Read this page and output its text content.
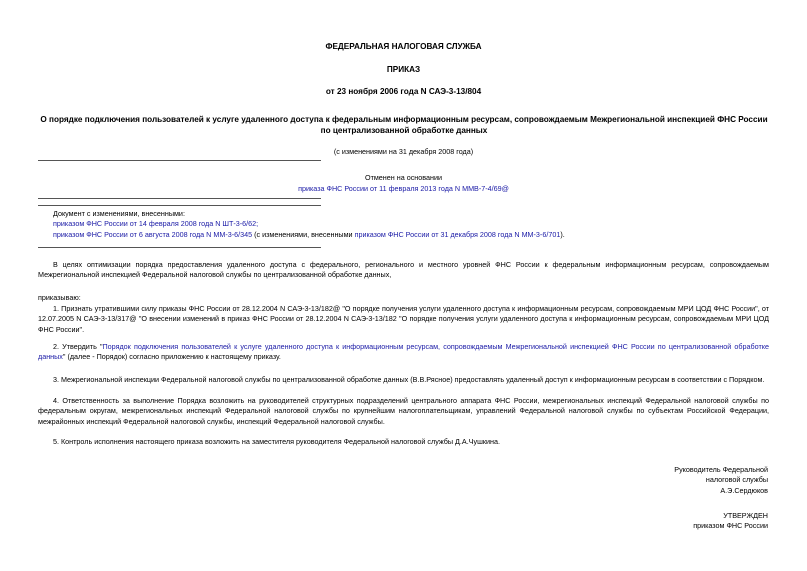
ФЕДЕРАЛЬНАЯ НАЛОГОВАЯ СЛУЖБА
ПРИКАЗ
от 23 ноября 2006 года N САЭ-3-13/804
О порядке подключения пользователей к услуге удаленного доступа к федеральным информационным ресурсам, сопровождаемым Межрегиональной инспекцией ФНС России по централизованной обработке данных
(с изменениями на 31 декабря 2008 года)
Отменен на основании
приказа ФНС России от 11 февраля 2013 года N ММВ-7-4/69@
Документ с изменениями, внесенными:
приказом ФНС России от 14 февраля 2008 года N ШТ-3-6/62;
приказом ФНС России от 6 августа 2008 года N ММ-3-6/345 (с изменениями, внесенными приказом ФНС России от 31 декабря 2008 года N ММ-3-6/701).
В целях оптимизации порядка предоставления удаленного доступа с федерального, регионального и местного уровней ФНС России к федеральным информационным ресурсам, сопровождаемым Межрегиональной инспекцией Федеральной налоговой службы по централизованной обработке данных,
приказываю:
1. Признать утратившими силу приказы ФНС России от 28.12.2004 N САЭ-3-13/182@ "О порядке получения услуги удаленного доступа к информационным ресурсам, сопровождаемым МРИ ЦОД ФНС России", от 12.07.2005 N САЭ-3-13/317@ "О внесении изменений в приказ ФНС России от 28.12.2004 N САЭ-3-13/182 "О порядке получения услуги удаленного доступа к информационным ресурсам, сопровождаемым МРИ ЦОД ФНС России".
2. Утвердить "Порядок подключения пользователей к услуге удаленного доступа к информационным ресурсам, сопровождаемым Межрегиональной инспекцией ФНС России по централизованной обработке данных" (далее - Порядок) согласно приложению к настоящему приказу.
3. Межрегиональной инспекции Федеральной налоговой службы по централизованной обработке данных (В.В.Рясное) предоставлять удаленный доступ к информационным ресурсам в соответствии с Порядком.
4. Ответственность за выполнение Порядка возложить на руководителей структурных подразделений центрального аппарата ФНС России, межрегиональных инспекций Федеральной налоговой службы по федеральным округам, межрегиональных инспекций Федеральной налоговой службы по крупнейшим налогоплательщикам, управлений Федеральной налоговой службы по субъектам Российской Федерации, межрайонных инспекций Федеральной налоговой службы, инспекций Федеральной налоговой службы.
5. Контроль исполнения настоящего приказа возложить на заместителя руководителя Федеральной налоговой службы Д.А.Чушкина.
Руководитель Федеральной
налоговой службы
А.Э.Сердюков
УТВЕРЖДЕН
приказом ФНС России
